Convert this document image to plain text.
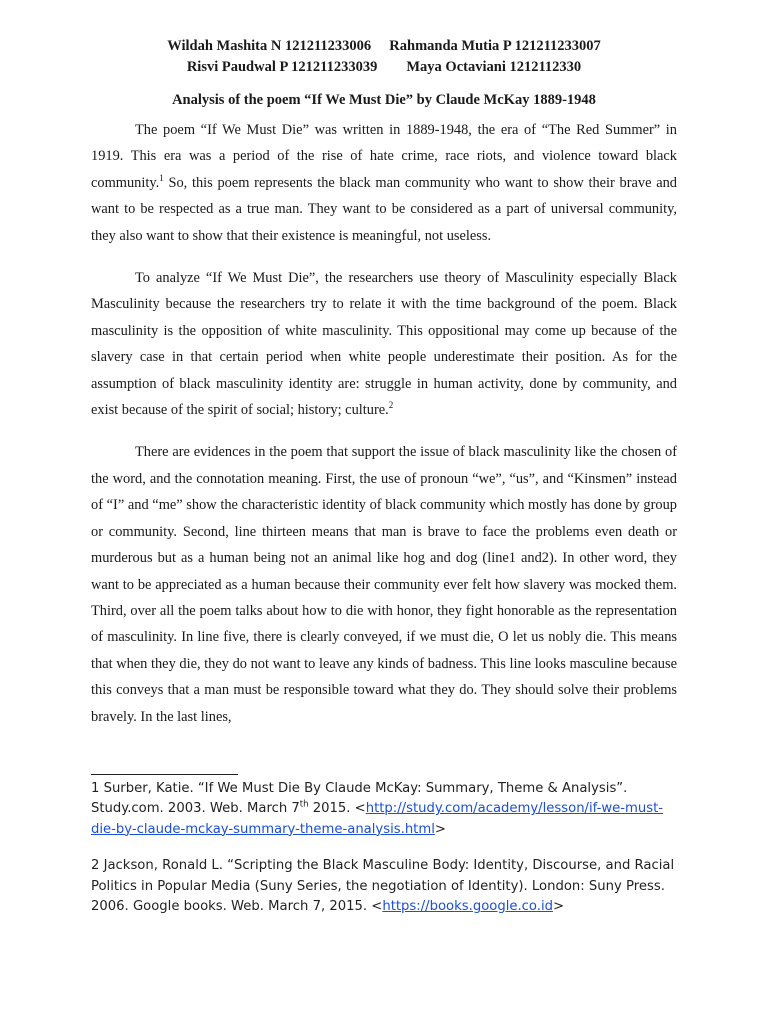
Wildah Mashita N 121211233006     Rahmanda Mutia P 121211233007
Risvi Paudwal P 121211233039        Maya Octaviani 1212112330
Analysis of the poem “If We Must Die” by Claude McKay 1889-1948

The poem “If We Must Die” was written in 1889-1948, the era of “The Red Summer” in 1919. This era was a period of the rise of hate crime, race riots, and violence toward black community.$^1$ So, this poem represents the black man community who want to show their brave and want to be respected as a true man. They want to be considered as a part of universal community, they also want to show that their existence is meaningful, not useless.

To analyze “If We Must Die”, the researchers use theory of Masculinity especially Black Masculinity because the researchers try to relate it with the time background of the poem. Black masculinity is the opposition of white masculinity. This oppositional may come up because of the slavery case in that certain period when white people underestimate their position. As for the assumption of black masculinity identity are: struggle in human activity, done by community, and exist because of the spirit of social; history; culture.$^2$

There are evidences in the poem that support the issue of black masculinity like the chosen of the word, and the connotation meaning. First, the use of pronoun “we”, “us”, and “Kinsmen” instead of “I” and “me” show the characteristic identity of black community which mostly has done by group or community. Second, line thirteen means that man is brave to face the problems even death or murderous but as a human being not an animal like hog and dog (line1 and2). In other word, they want to be appreciated as a human because their community ever felt how slavery was mocked them. Third, over all the poem talks about how to die with honor, they fight honorable as the representation of masculinity. In line five, there is clearly conveyed, if we must die, O let us nobly die. This means that when they die, they do not want to leave any kinds of badness. This line looks masculine because this conveys that a man must be responsible toward what they do. They should solve their problems bravely. In the last lines,

1 Surber, Katie. “If We Must Die By Claude McKay: Summary, Theme & Analysis”. Study.com. 2003. Web. March 7th 2015. <http://study.com/academy/lesson/if-we-must-die-by-claude-mckay-summary-theme-analysis.html>
2 Jackson, Ronald L. “Scripting the Black Masculine Body: Identity, Discourse, and Racial Politics in Popular Media (Suny Series, the negotiation of Identity). London: Suny Press. 2006. Google books. Web. March 7, 2015. <https://books.google.co.id>
